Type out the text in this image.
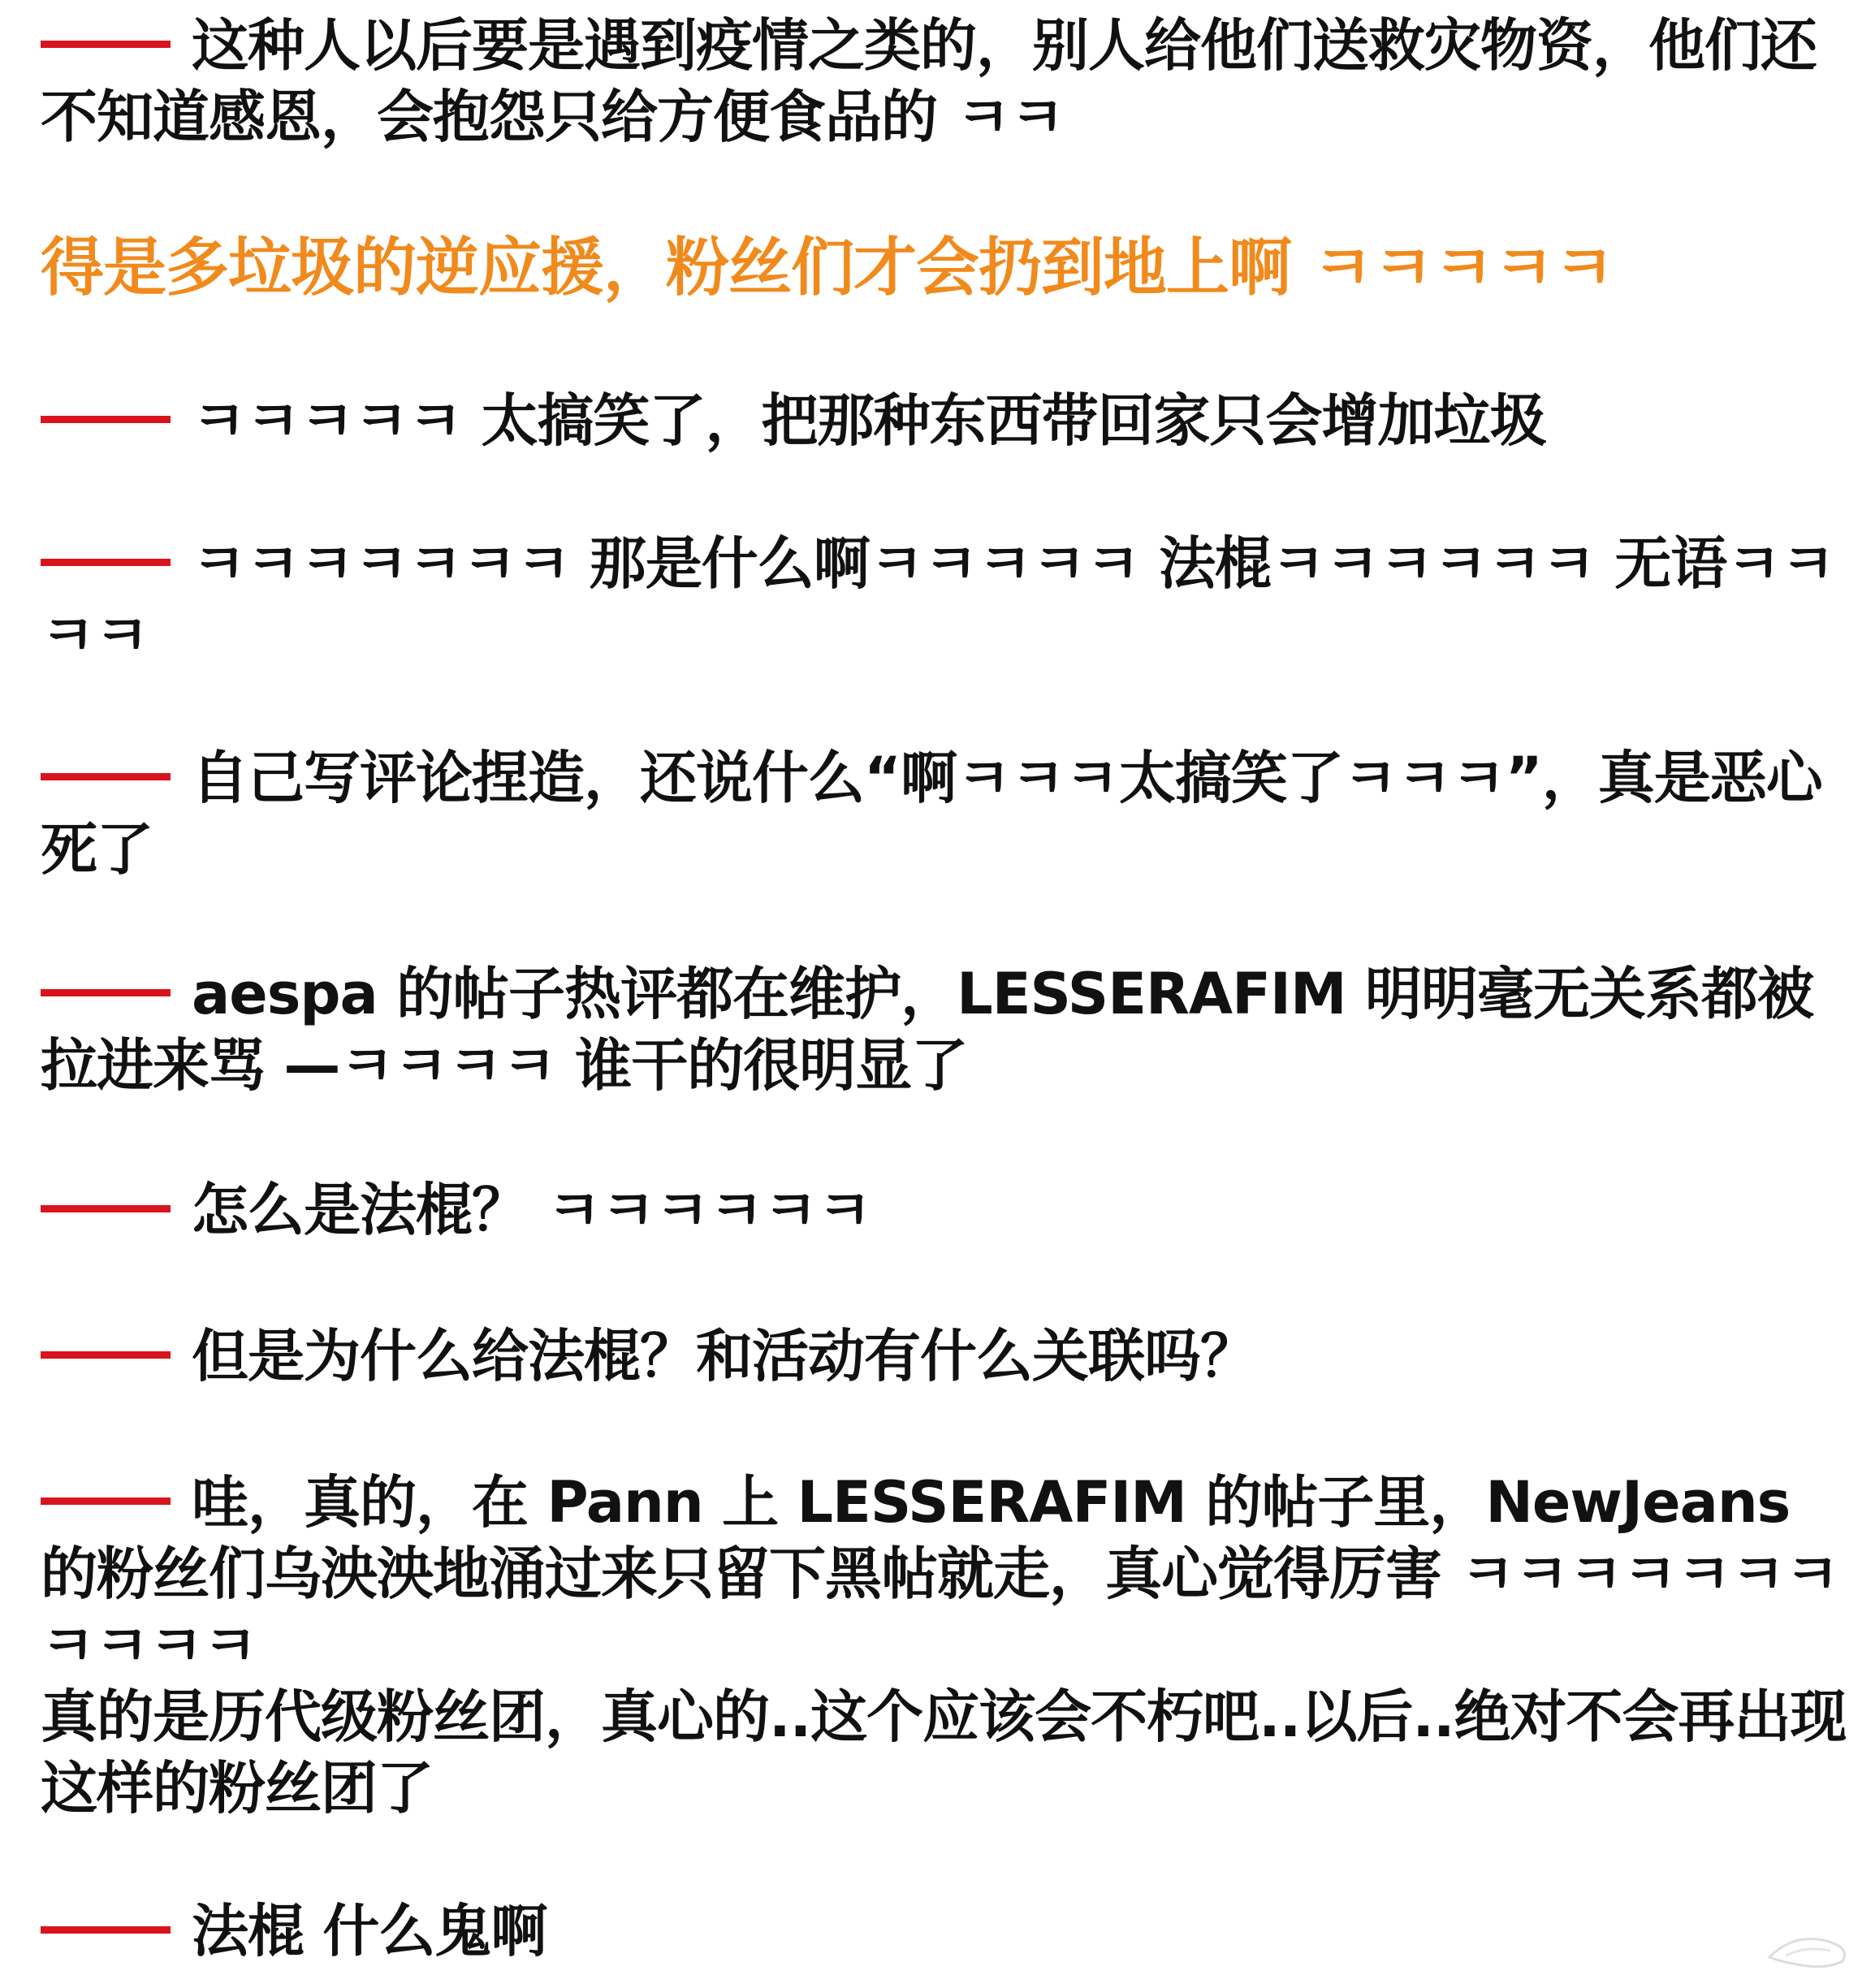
这种人以后要是遇到疫情之类的，别人给他们送救灾物资，他们还不知道感恩，会抱怨只给方便食品的 ㅋㅋ
得是多垃圾的逆应援，粉丝们才会扔到地上啊 ㅋㅋㅋㅋㅋ
ㅋㅋㅋㅋㅋ 太搞笑了，把那种东西带回家只会增加垃圾
ㅋㅋㅋㅋㅋㅋㅋ 那是什么啊ㅋㅋㅋㅋㅋ 法棍ㅋㅋㅋㅋㅋㅋ 无语ㅋㅋㅋㅋ
自己写评论捏造，还说什么“啊ㅋㅋㅋ太搞笑了ㅋㅋㅋ”，真是恶心死了
aespa 的帖子热评都在维护，LESSERAFIM 明明毫无关系都被拉进来骂 —ㅋㅋㅋㅋ 谁干的很明显了
怎么是法棍？ ㅋㅋㅋㅋㅋㅋ
但是为什么给法棍？和活动有什么关联吗？
哇，真的，在 Pann 上 LESSERAFIM 的帖子里，NewJeans 的粉丝们乌泱泱地涌过来只留下黑帖就走，真心觉得厉害 ㅋㅋㅋㅋㅋㅋㅋㅋㅋㅋㅋ
真的是历代级粉丝团，真心的..这个应该会不朽吧..以后..绝对不会再出现这样的粉丝团了
法棍 什么鬼啊
